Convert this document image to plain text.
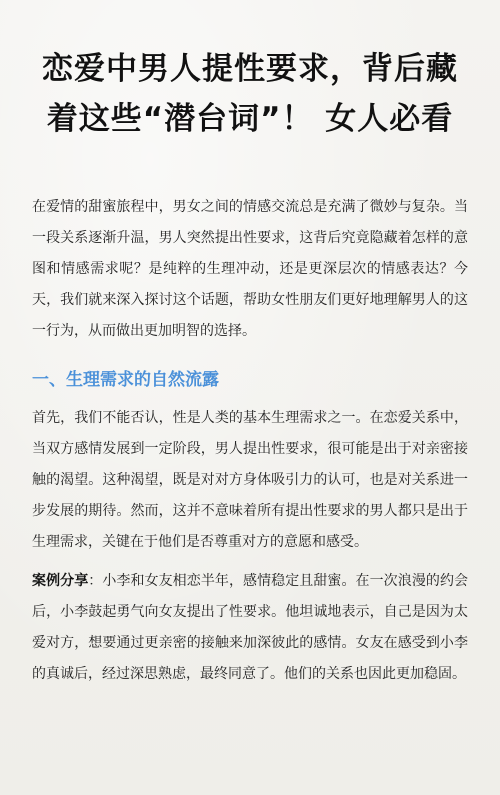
恋爱中男人提性要求，背后藏
着这些“潜台词”！ 女人必看

在爱情的甜蜜旅程中，男女之间的情感交流总是充满了微妙与复杂。当一段关系逐渐升温，男人突然提出性要求，这背后究竟隐藏着怎样的意图和情感需求呢？是纯粹的生理冲动，还是更深层次的情感表达？今天，我们就来深入探讨这个话题，帮助女性朋友们更好地理解男人的这一行为，从而做出更加明智的选择。

一、生理需求的自然流露

首先，我们不能否认，性是人类的基本生理需求之一。在恋爱关系中，当双方感情发展到一定阶段，男人提出性要求，很可能是出于对亲密接触的渴望。这种渴望，既是对对方身体吸引力的认可，也是对关系进一步发展的期待。然而，这并不意味着所有提出性要求的男人都只是出于生理需求，关键在于他们是否尊重对方的意愿和感受。

案例分享：小李和女友相恋半年，感情稳定且甜蜜。在一次浪漫的约会后，小李鼓起勇气向女友提出了性要求。他坦诚地表示，自己是因为太爱对方，想要通过更亲密的接触来加深彼此的感情。女友在感受到小李的真诚后，经过深思熟虑，最终同意了。他们的关系也因此更加稳固。
